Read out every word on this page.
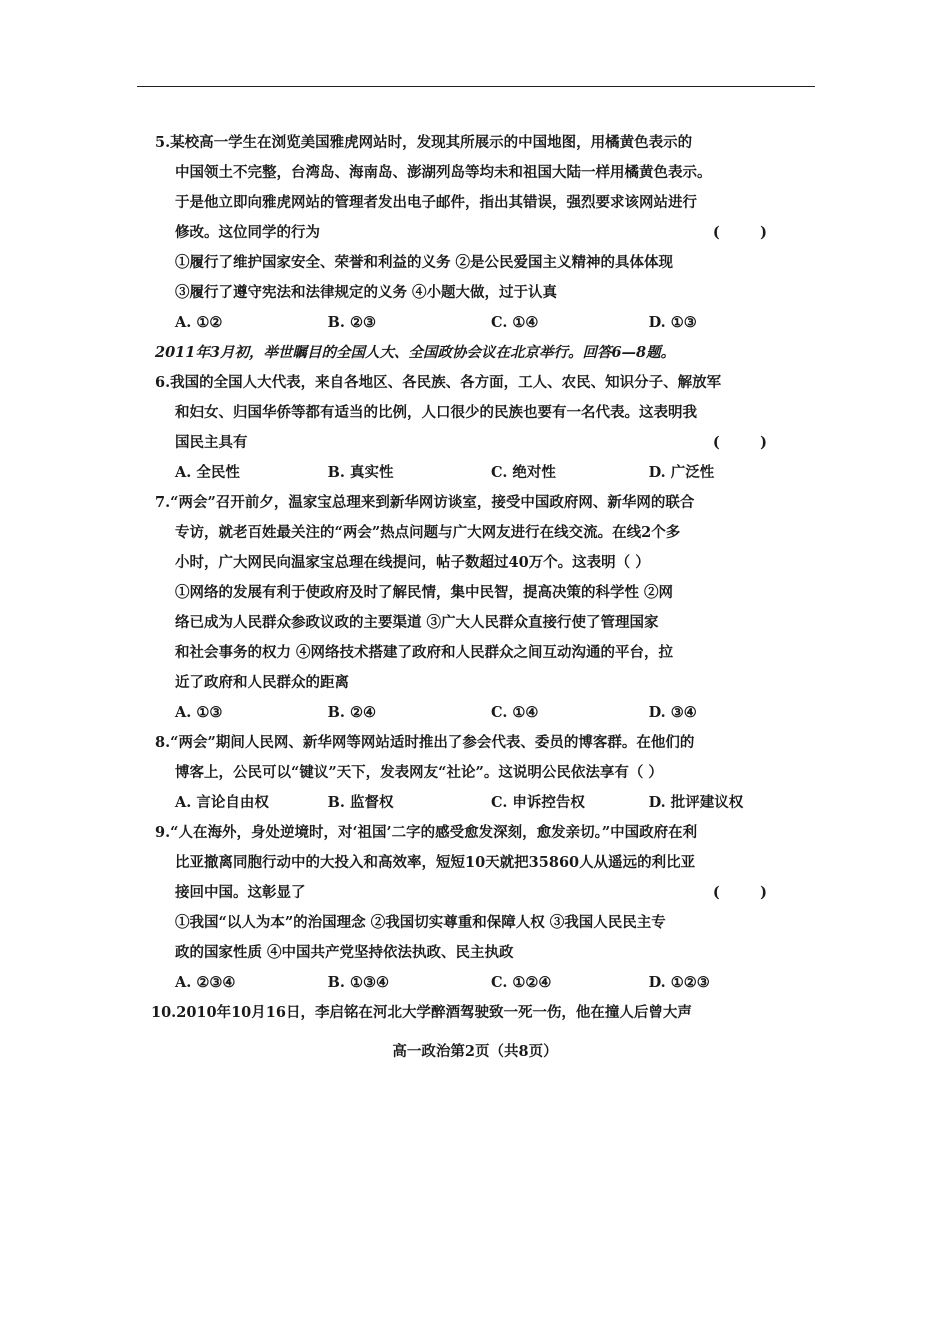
5.某校高一学生在浏览美国雅虎网站时，发现其所展示的中国地图，用橘黄色表示的
中国领土不完整，台湾岛、海南岛、澎湖列岛等均未和祖国大陆一样用橘黄色表示。
于是他立即向雅虎网站的管理者发出电子邮件，指出其错误，强烈要求该网站进行
修改。这位同学的行为	(        )
①履行了维护国家安全、荣誉和利益的义务 ②是公民爱国主义精神的具体体现
③履行了遵守宪法和法律规定的义务 ④小题大做，过于认真
A. ①②	B. ②③	C. ①④	D. ①③
2011年3月初，举世瞩目的全国人大、全国政协会议在北京举行。回答6—8题。
6.我国的全国人大代表，来自各地区、各民族、各方面，工人、农民、知识分子、解放军
和妇女、归国华侨等都有适当的比例，人口很少的民族也要有一名代表。这表明我
国民主具有	(        )
A. 全民性	B. 真实性	C. 绝对性	D. 广泛性
7.“两会”召开前夕，温家宝总理来到新华网访谈室，接受中国政府网、新华网的联合
专访，就老百姓最关注的“两会”热点问题与广大网友进行在线交流。在线2个多
小时，广大网民向温家宝总理在线提问，帖子数超过40万个。这表明（ ）
①网络的发展有利于使政府及时了解民情，集中民智，提高决策的科学性 ②网
络已成为人民群众参政议政的主要渠道 ③广大人民群众直接行使了管理国家
和社会事务的权力 ④网络技术搭建了政府和人民群众之间互动沟通的平台，拉
近了政府和人民群众的距离
A. ①③	B. ②④	C. ①④	D. ③④
8.“两会”期间人民网、新华网等网站适时推出了参会代表、委员的博客群。在他们的
博客上，公民可以“键议”天下，发表网友“社论”。这说明公民依法享有（ ）
A. 言论自由权	B. 监督权	C. 申诉控告权	D. 批评建议权
9.“人在海外，身处逆境时，对‘祖国’二字的感受愈发深刻，愈发亲切。”中国政府在利
比亚撤离同胞行动中的大投入和高效率，短短10天就把35860人从遥远的利比亚
接回中国。这彰显了	(        )
①我国“以人为本”的治国理念 ②我国切实尊重和保障人权 ③我国人民民主专
政的国家性质 ④中国共产党坚持依法执政、民主执政
A. ②③④	B. ①③④	C. ①②④	D. ①②③
10.2010年10月16日，李启铭在河北大学醉酒驾驶致一死一伤，他在撞人后曾大声
高一政治第2页（共8页）
